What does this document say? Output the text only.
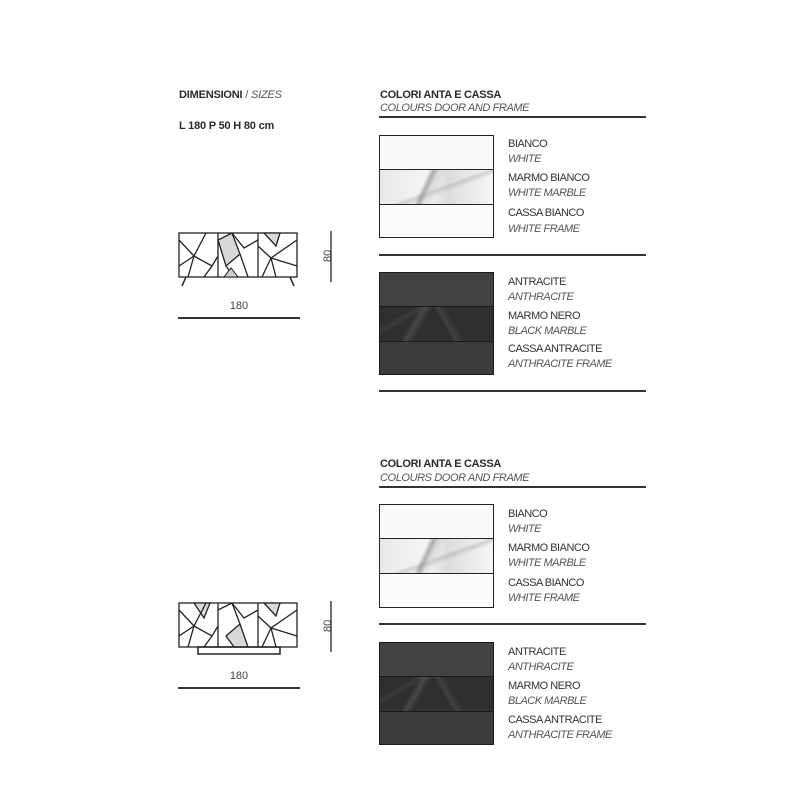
DIMENSIONI / SIZES
L 180 P 50 H 80 cm
80
180
80
180
COLORI ANTA E CASSA
COLOURS DOOR AND FRAME
BIANCO
WHITE
MARMO BIANCO
WHITE MARBLE
CASSA BIANCO
WHITE FRAME
ANTRACITE
ANTHRACITE
MARMO NERO
BLACK MARBLE
CASSA ANTRACITE
ANTHRACITE FRAME
COLORI ANTA E CASSA
COLOURS DOOR AND FRAME
BIANCO
WHITE
MARMO BIANCO
WHITE MARBLE
CASSA BIANCO
WHITE FRAME
ANTRACITE
ANTHRACITE
MARMO NERO
BLACK MARBLE
CASSA ANTRACITE
ANTHRACITE FRAME
